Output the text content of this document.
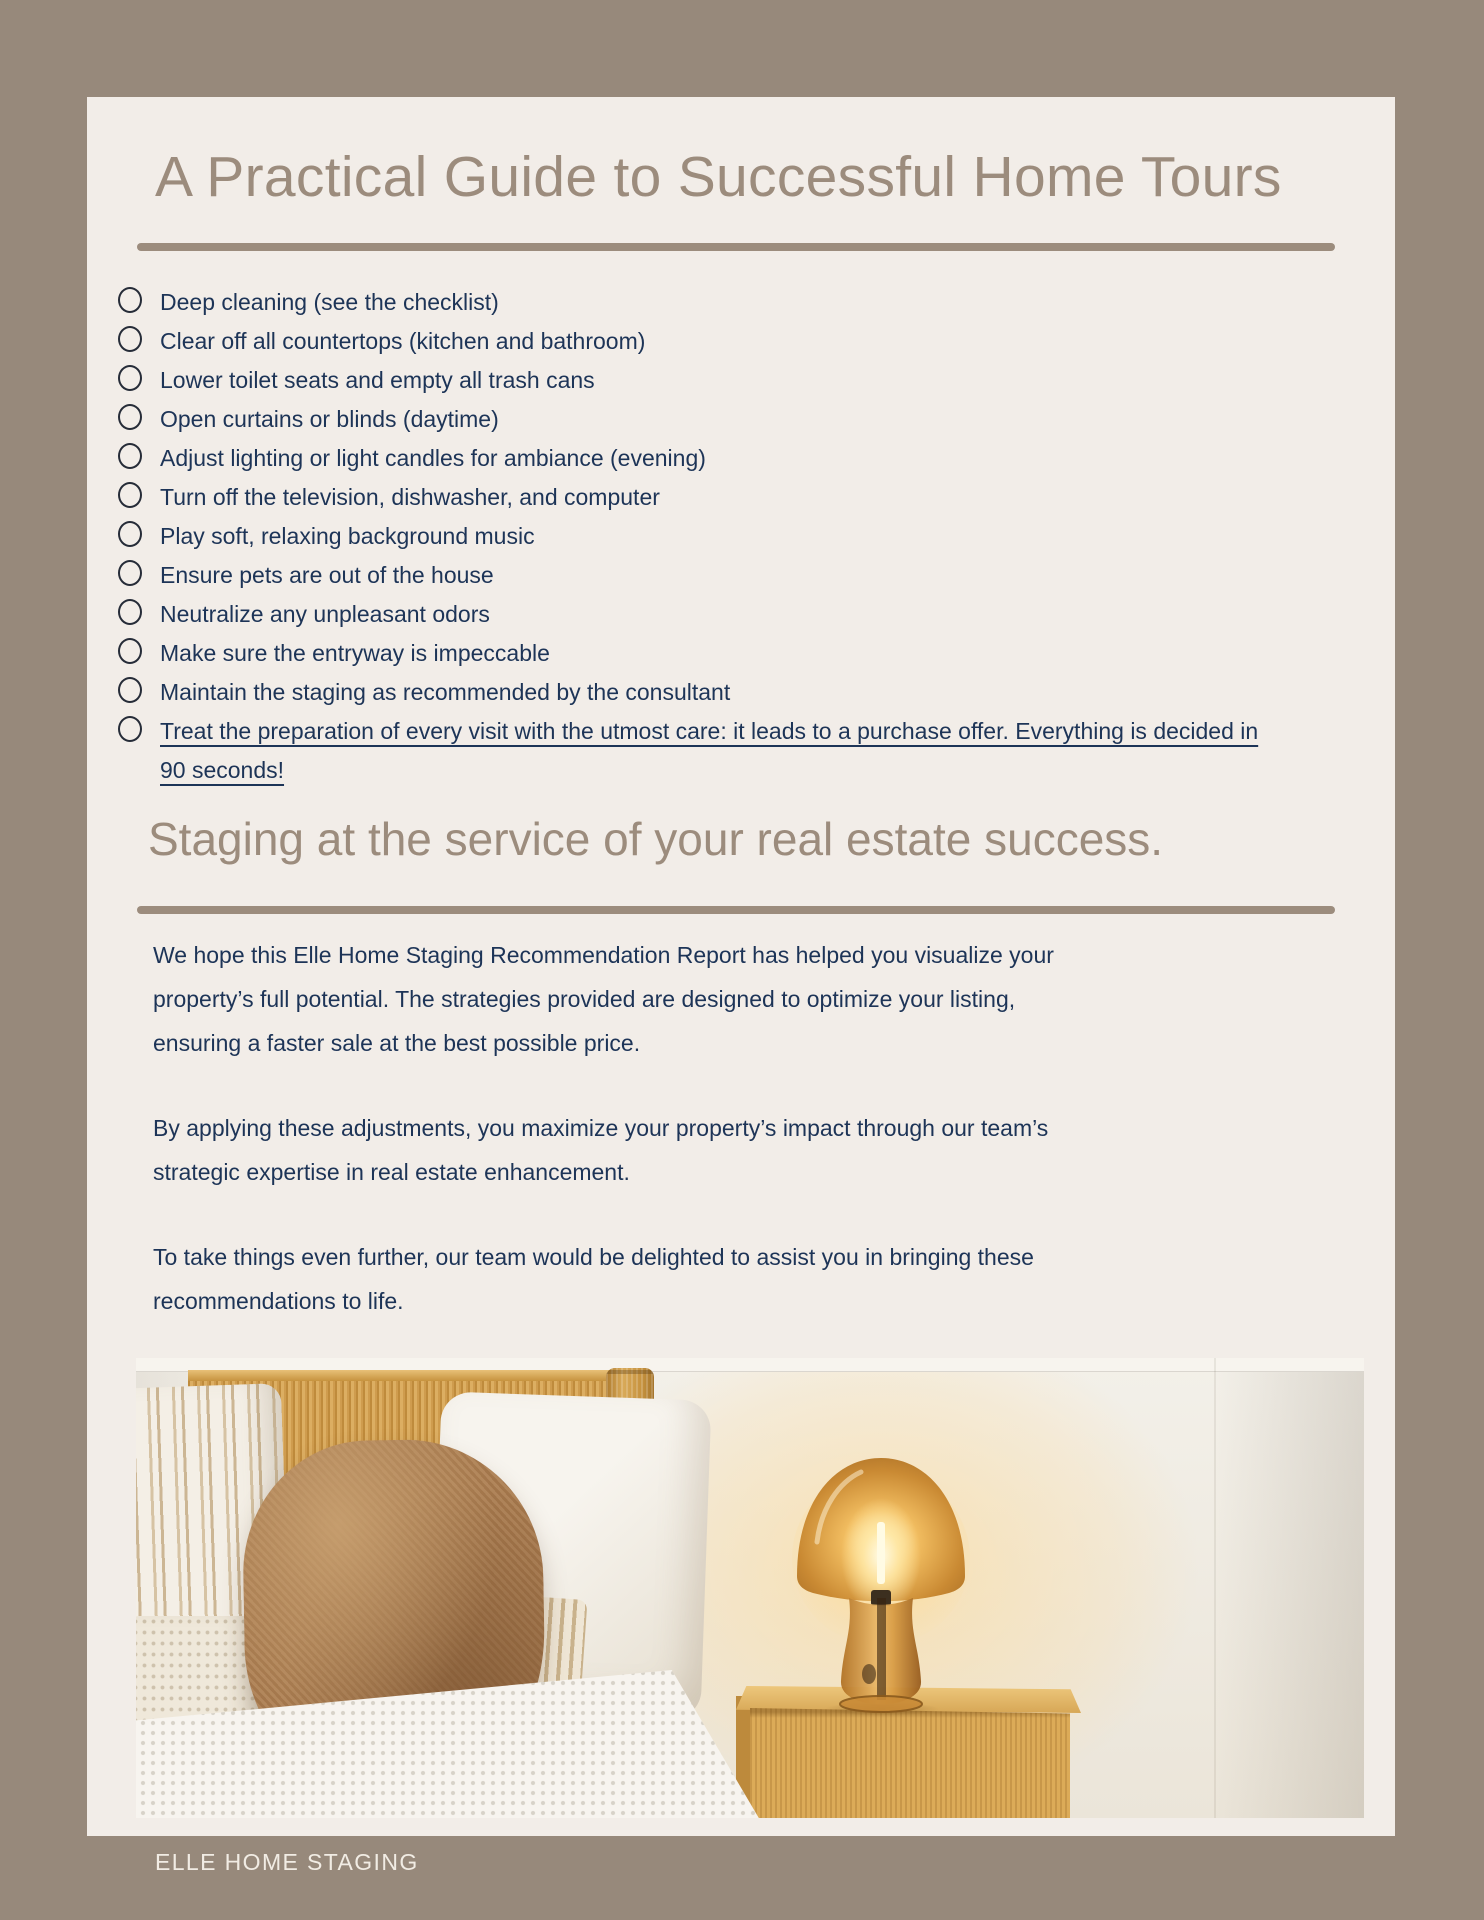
A Practical Guide to Successful Home Tours
Deep cleaning (see the checklist)
Clear off all countertops (kitchen and bathroom)
Lower toilet seats and empty all trash cans
Open curtains or blinds (daytime)
Adjust lighting or light candles for ambiance (evening)
Turn off the television, dishwasher, and computer
Play soft, relaxing background music
Ensure pets are out of the house
Neutralize any unpleasant odors
Make sure the entryway is impeccable
Maintain the staging as recommended by the consultant
Treat the preparation of every visit with the utmost care: it leads to a purchase offer. Everything is decided in 90 seconds!
Staging at the service of your real estate success.

We hope this Elle Home Staging Recommendation Report has helped you visualize your property’s full potential. The strategies provided are designed to optimize your listing, ensuring a faster sale at the best possible price.

By applying these adjustments, you maximize your property’s impact through our team’s strategic expertise in real estate enhancement.

To take things even further, our team would be delighted to assist you in bringing these recommendations to life.

ELLE HOME STAGING
